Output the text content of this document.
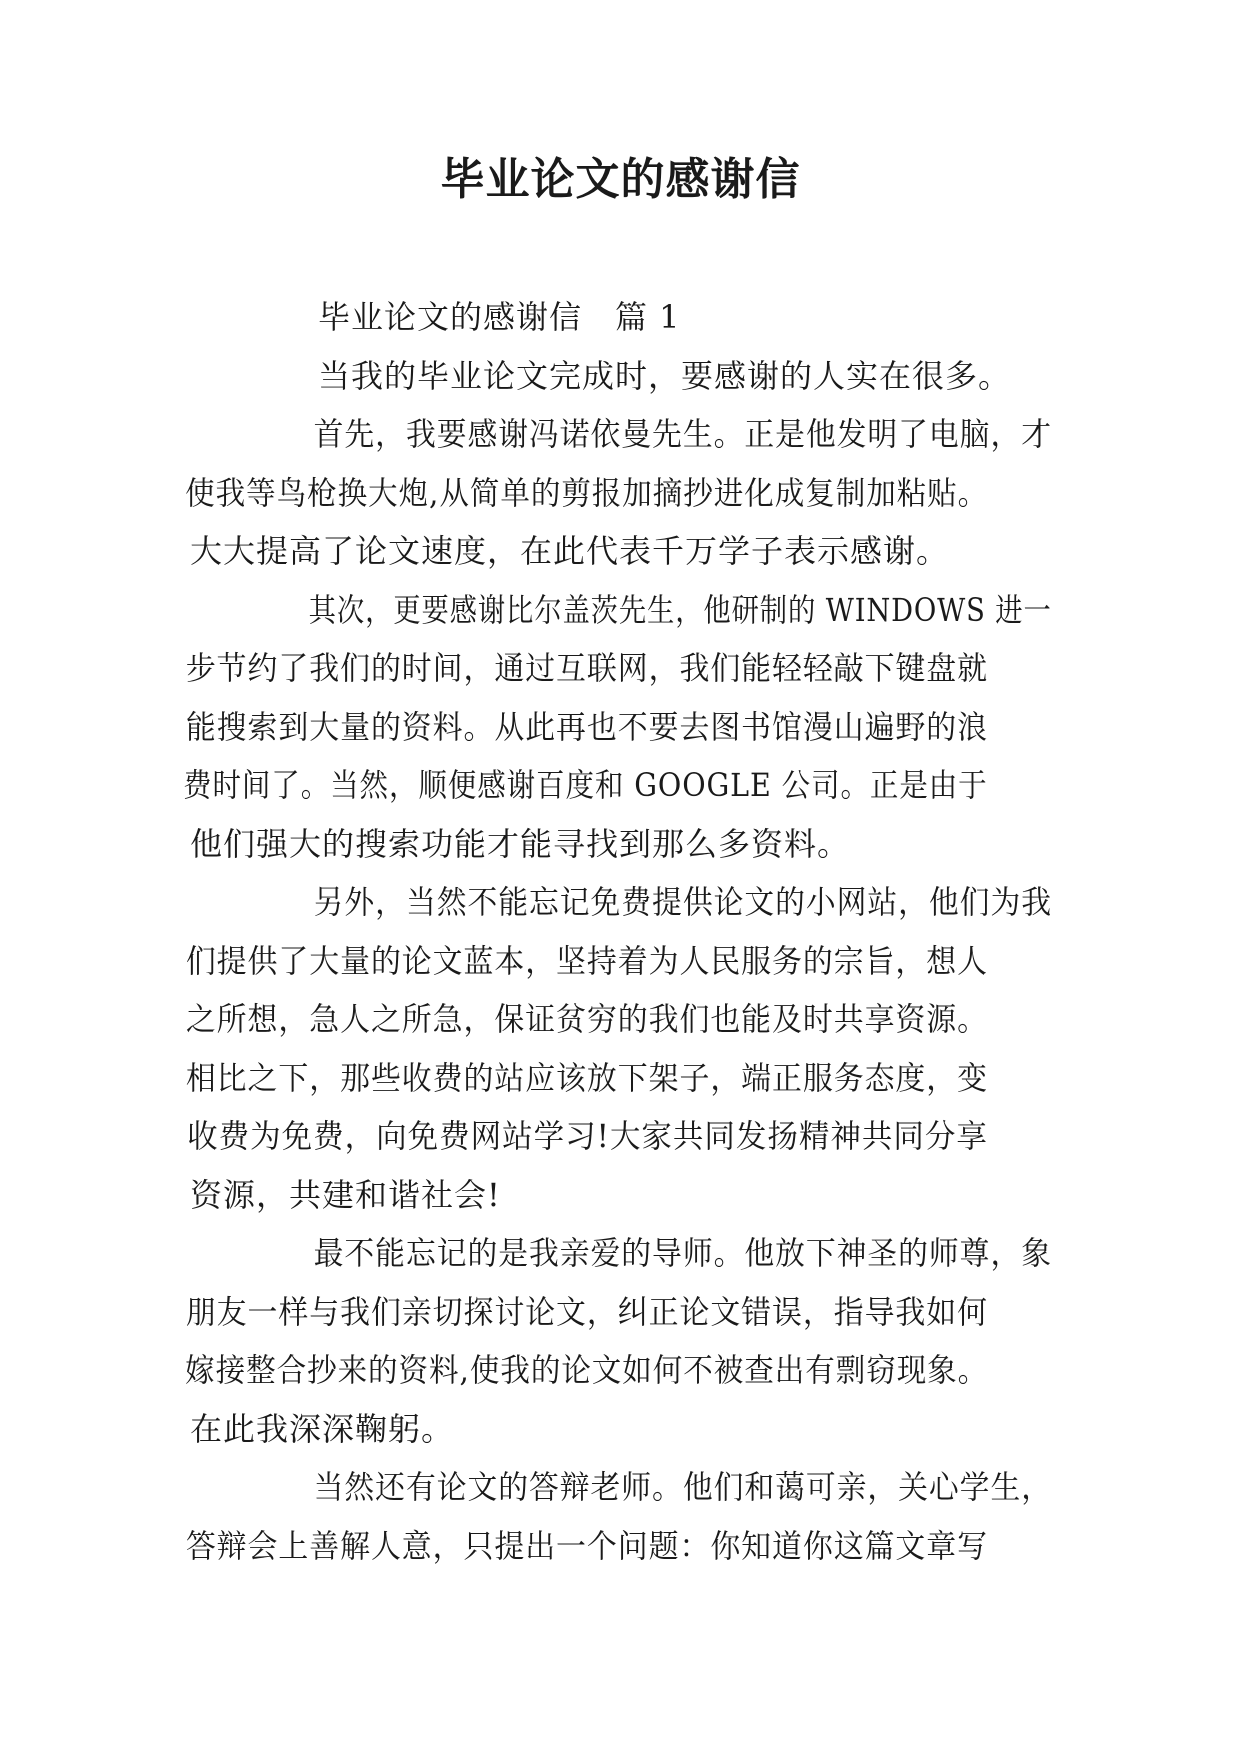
毕业论文的感谢信

毕业论文的感谢信　篇 1

当我的毕业论文完成时，要感谢的人实在很多。

首先，我要感谢冯诺依曼先生。正是他发明了电脑，才
使我等鸟枪换大炮,从简单的剪报加摘抄进化成复制加粘贴。
大大提高了论文速度，在此代表千万学子表示感谢。

其次，更要感谢比尔盖茨先生，他研制的 WINDOWS 进一
步节约了我们的时间，通过互联网，我们能轻轻敲下键盘就
能搜索到大量的资料。从此再也不要去图书馆漫山遍野的浪
费时间了。当然，顺便感谢百度和 GOOGLE 公司。正是由于
他们强大的搜索功能才能寻找到那么多资料。

另外，当然不能忘记免费提供论文的小网站，他们为我
们提供了大量的论文蓝本，坚持着为人民服务的宗旨，想人
之所想，急人之所急，保证贫穷的我们也能及时共享资源。
相比之下，那些收费的站应该放下架子，端正服务态度，变
收费为免费，向免费网站学习!大家共同发扬精神共同分享
资源，共建和谐社会!

最不能忘记的是我亲爱的导师。他放下神圣的师尊，象
朋友一样与我们亲切探讨论文，纠正论文错误，指导我如何
嫁接整合抄来的资料,使我的论文如何不被查出有剽窃现象。
在此我深深鞠躬。

当然还有论文的答辩老师。他们和蔼可亲，关心学生，
答辩会上善解人意，只提出一个问题：你知道你这篇文章写
